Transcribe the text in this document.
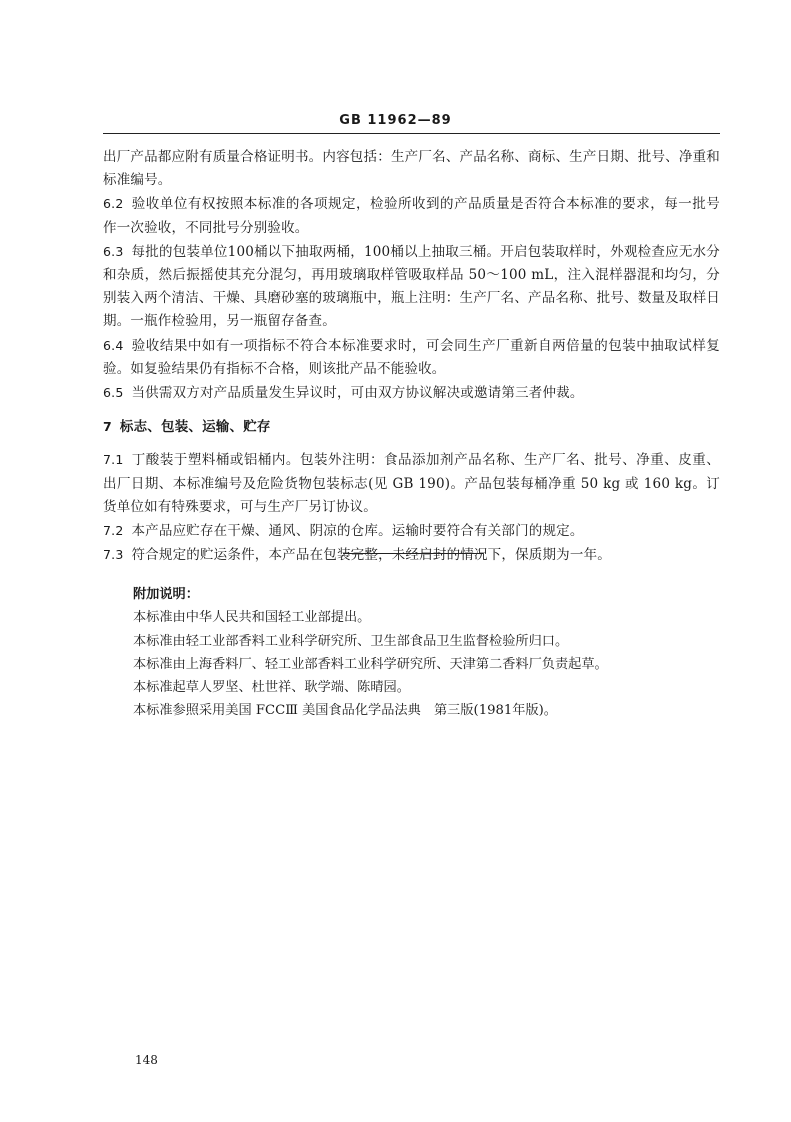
GB 11962—89

出厂产品都应附有质量合格证明书。内容包括：生产厂名、产品名称、商标、生产日期、批号、净重和标准编号。

6.2 验收单位有权按照本标准的各项规定，检验所收到的产品质量是否符合本标准的要求，每一批号作一次验收，不同批号分别验收。

6.3 每批的包装单位100桶以下抽取两桶，100桶以上抽取三桶。开启包装取样时，外观检查应无水分和杂质，然后振摇使其充分混匀，再用玻璃取样管吸取样品 50～100 mL，注入混样器混和均匀，分别装入两个清洁、干燥、具磨砂塞的玻璃瓶中，瓶上注明：生产厂名、产品名称、批号、数量及取样日期。一瓶作检验用，另一瓶留存备查。

6.4 验收结果中如有一项指标不符合本标准要求时，可会同生产厂重新自两倍量的包装中抽取试样复验。如复验结果仍有指标不合格，则该批产品不能验收。

6.5 当供需双方对产品质量发生异议时，可由双方协议解决或邀请第三者仲裁。

7 标志、包装、运输、贮存

7.1 丁酸装于塑料桶或铝桶内。包装外注明：食品添加剂产品名称、生产厂名、批号、净重、皮重、出厂日期、本标准编号及危险货物包装标志(见 GB 190)。产品包装每桶净重 50 kg 或 160 kg。订货单位如有特殊要求，可与生产厂另订协议。

7.2 本产品应贮存在干燥、通风、阴凉的仓库。运输时要符合有关部门的规定。

7.3 符合规定的贮运条件，本产品在包装完整，未经启封的情况下，保质期为一年。

附加说明：
本标准由中华人民共和国轻工业部提出。
本标准由轻工业部香料工业科学研究所、卫生部食品卫生监督检验所归口。
本标准由上海香料厂、轻工业部香料工业科学研究所、天津第二香料厂负责起草。
本标准起草人罗坚、杜世祥、耿学端、陈晴园。
本标准参照采用美国 FCCⅢ 美国食品化学品法典　第三版(1981年版)。
148
